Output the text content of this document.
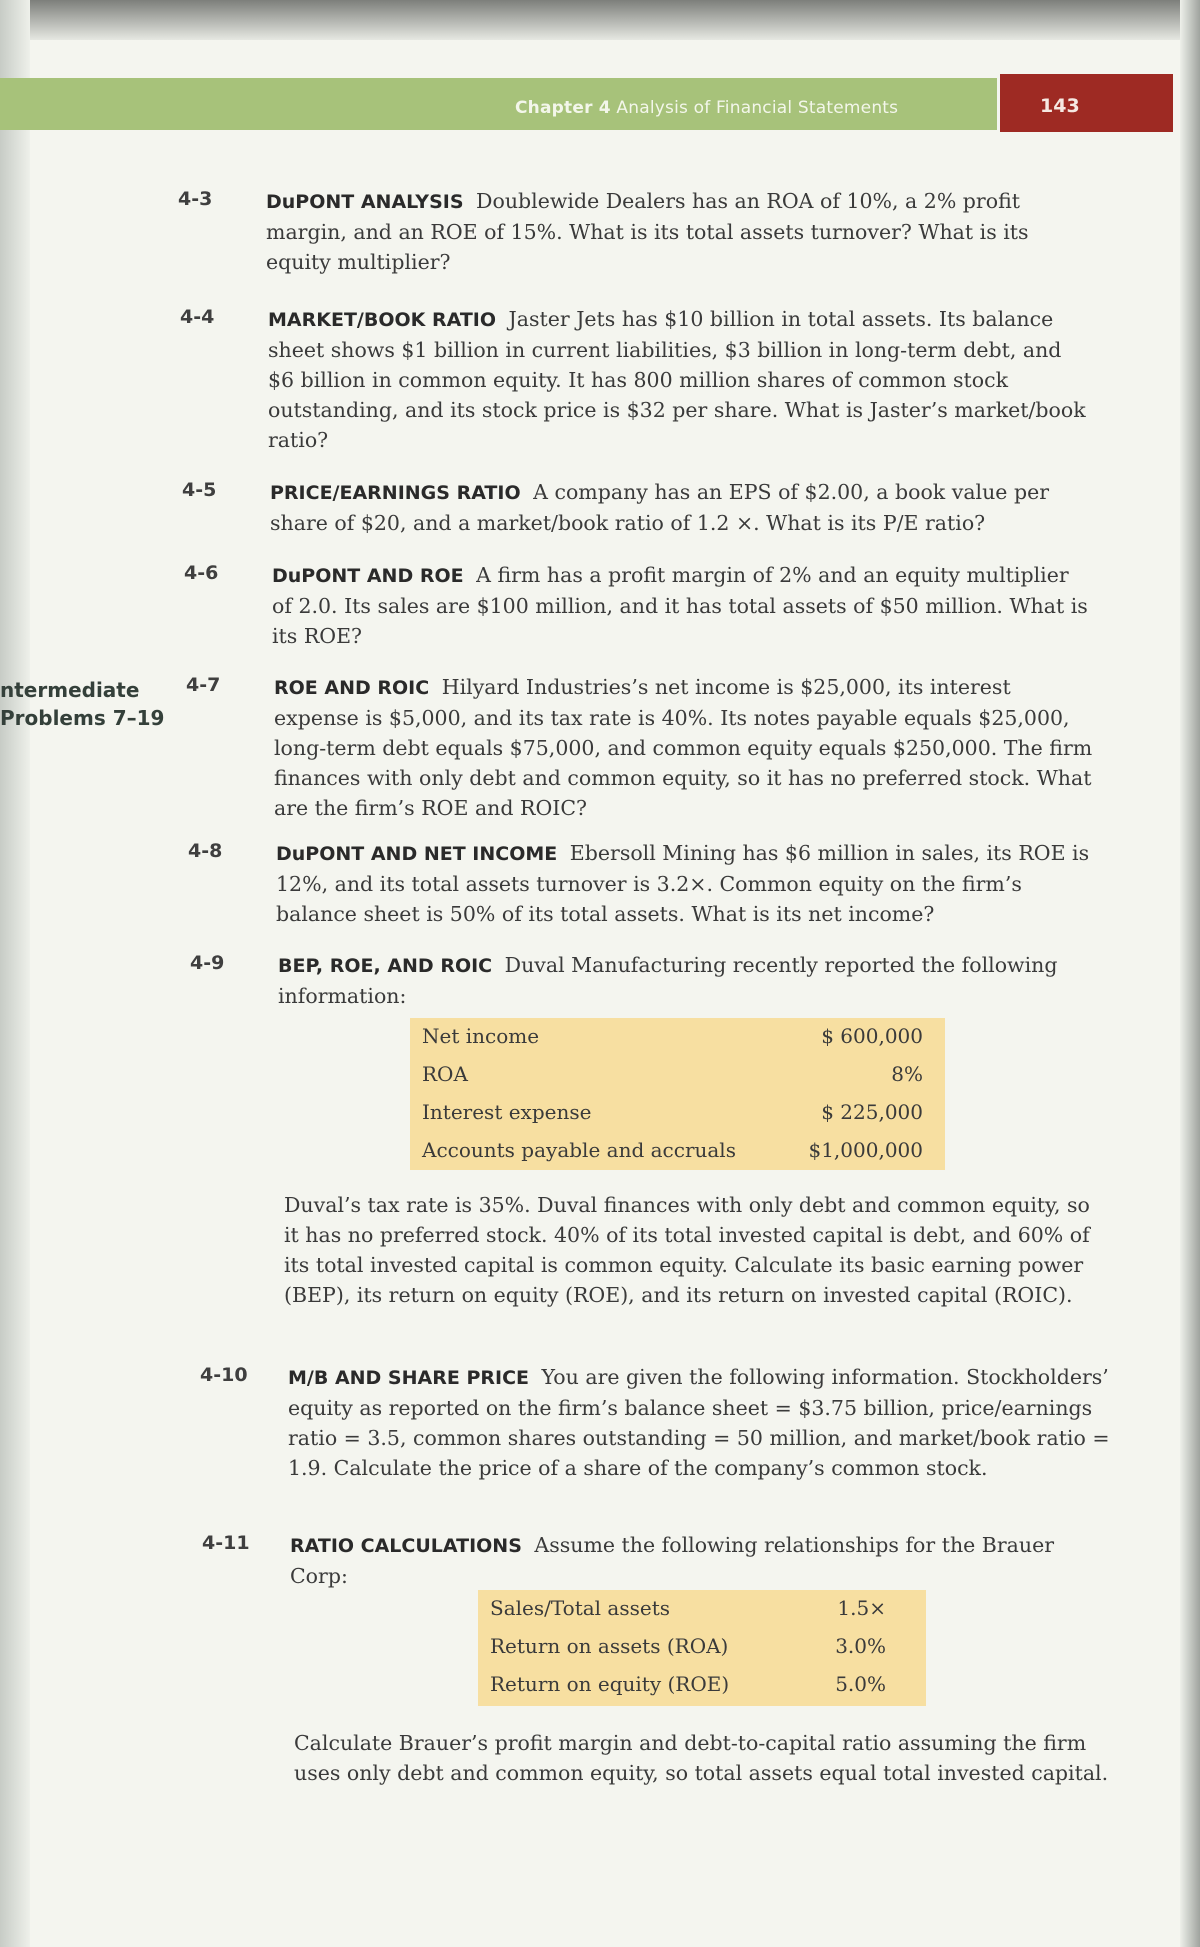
Chapter 4 Analysis of Financial Statements	143
ntermediate
Problems 7–19
4-3	DuPONT ANALYSIS Doublewide Dealers has an ROA of 10%, a 2% profit margin, and an ROE of 15%. What is its total assets turnover? What is its equity multiplier?
4-4	MARKET/BOOK RATIO Jaster Jets has $10 billion in total assets. Its balance sheet shows $1 billion in current liabilities, $3 billion in long-term debt, and $6 billion in common equity. It has 800 million shares of common stock outstanding, and its stock price is $32 per share. What is Jaster’s market/book ratio?
4-5	PRICE/EARNINGS RATIO A company has an EPS of $2.00, a book value per share of $20, and a market/book ratio of 1.2 ×. What is its P/E ratio?
4-6	DuPONT AND ROE A firm has a profit margin of 2% and an equity multiplier of 2.0. Its sales are $100 million, and it has total assets of $50 million. What is its ROE?
4-7	ROE AND ROIC Hilyard Industries’s net income is $25,000, its interest expense is $5,000, and its tax rate is 40%. Its notes payable equals $25,000, long-term debt equals $75,000, and common equity equals $250,000. The firm finances with only debt and common equity, so it has no preferred stock. What are the firm’s ROE and ROIC?
4-8	DuPONT AND NET INCOME Ebersoll Mining has $6 million in sales, its ROE is 12%, and its total assets turnover is 3.2×. Common equity on the firm’s balance sheet is 50% of its total assets. What is its net income?
4-9	BEP, ROE, AND ROIC Duval Manufacturing recently reported the following information:
Net income	$ 600,000
ROA	8%
Interest expense	$ 225,000
Accounts payable and accruals	$1,000,000
Duval’s tax rate is 35%. Duval finances with only debt and common equity, so it has no preferred stock. 40% of its total invested capital is debt, and 60% of its total invested capital is common equity. Calculate its basic earning power (BEP), its return on equity (ROE), and its return on invested capital (ROIC).
4-10	M/B AND SHARE PRICE You are given the following information. Stockholders’ equity as reported on the firm’s balance sheet = $3.75 billion, price/earnings ratio = 3.5, common shares outstanding = 50 million, and market/book ratio = 1.9. Calculate the price of a share of the company’s common stock.
4-11	RATIO CALCULATIONS Assume the following relationships for the Brauer Corp:
Sales/Total assets	1.5×
Return on assets (ROA)	3.0%
Return on equity (ROE)	5.0%
Calculate Brauer’s profit margin and debt-to-capital ratio assuming the firm uses only debt and common equity, so total assets equal total invested capital.
